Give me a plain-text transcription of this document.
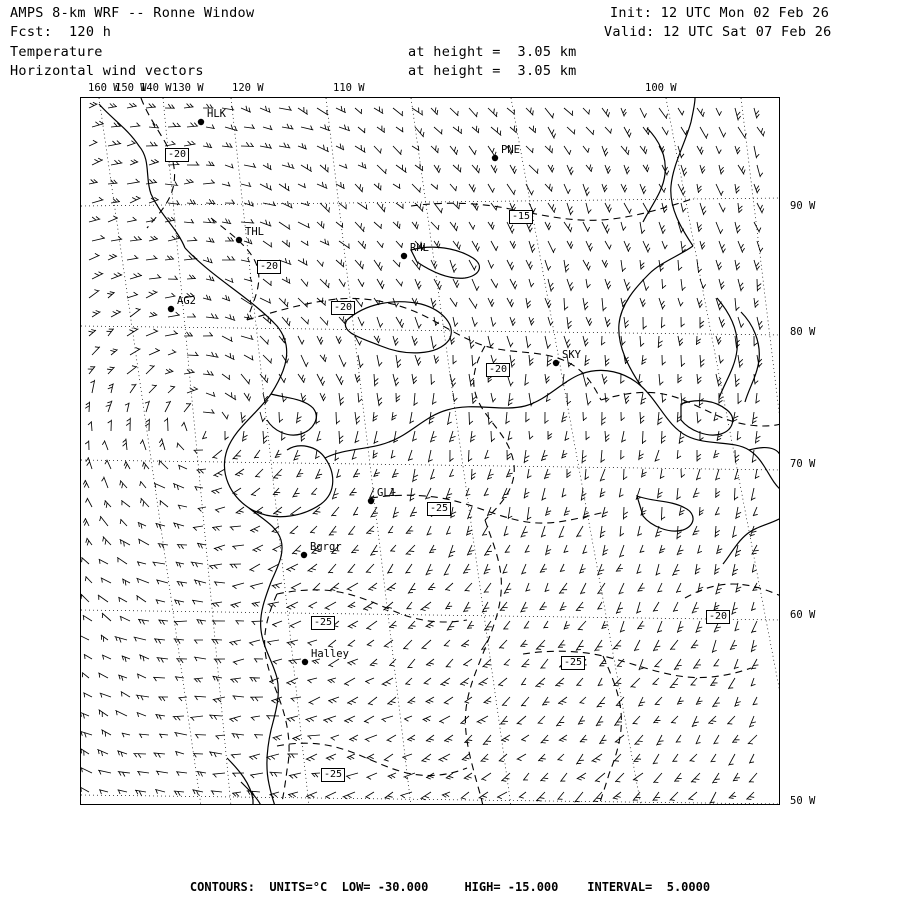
AMPS 8-km WRF -- Ronne Window
Fcst:  120 h
Temperature
Horizontal wind vectors
Init: 12 UTC Mon 02 Feb 26
Valid: 12 UTC Sat 07 Feb 26
at height =  3.05 km
at height =  3.05 km
160 W
150 W
140 W 130 W	120 W	110 W	100 W
90 W
80 W
70 W
60 W
50 W
HLK
PNE
THL
RHL
AG2
SKY
GL1
Bgrgr
Halley
-20
-15
-20
-20
-20
-25
-25
-20
-25
-25
CONTOURS:  UNITS=°C  LOW= -30.000     HIGH= -15.000    INTERVAL=  5.0000
